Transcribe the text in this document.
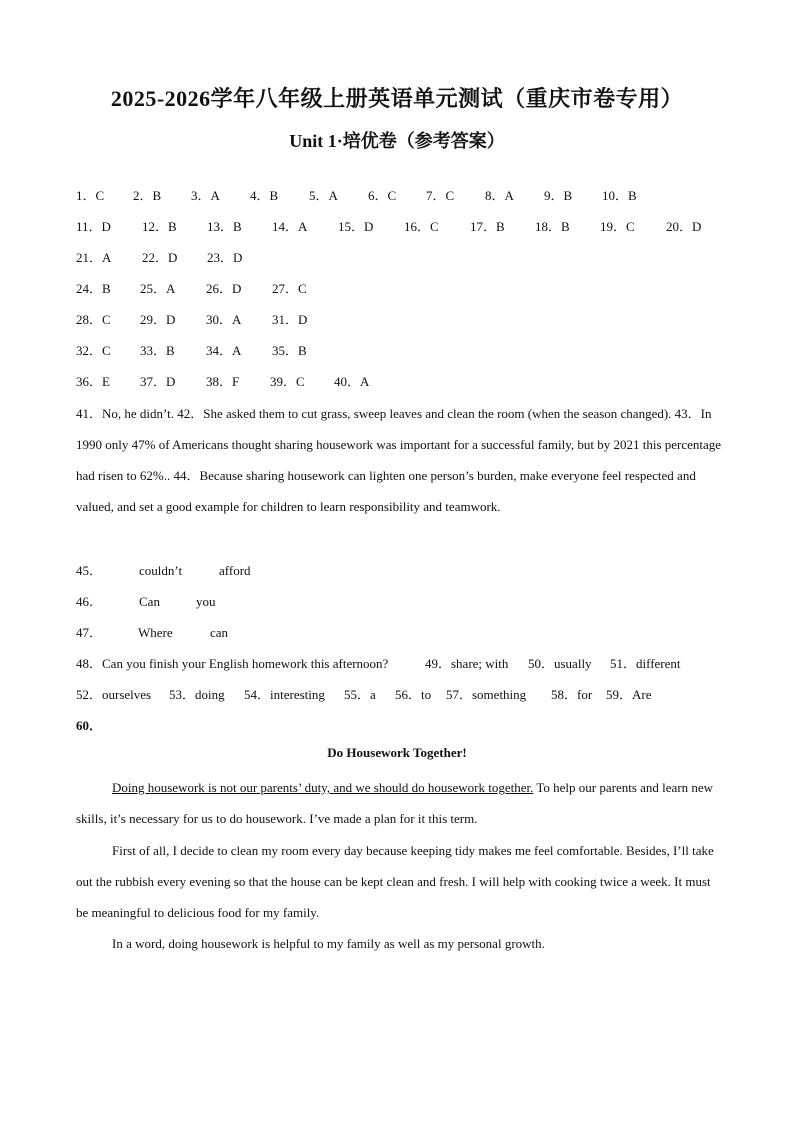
2025-2026学年八年级上册英语单元测试（重庆市卷专用）
Unit 1·培优卷（参考答案）
1．C 2．B 3．A 4．B 5．A 6．C 7．C 8．A 9．B 10．B
11．D 12．B 13．B 14．A 15．D 16．C 17．B 18．B 19．C 20．D
21．A 22．D 23．D
24．B 25．A 26．D 27．C
28．C 29．D 30．A 31．D
32．C 33．B 34．A 35．B
36．E 37．D 38．F 39．C 40．A
41．No, he didn’t. 42．She asked them to cut grass, sweep leaves and clean the room (when the season changed). 43．In 1990 only 47% of Americans thought sharing housework was important for a successful family, but by 2021 this percentage had risen to 62%.. 44．Because sharing housework can lighten one person’s burden, make everyone feel respected and valued, and set a good example for children to learn responsibility and teamwork.
45．	couldn’t	afford
46．	Can	you
47．	Where	can
48．Can you finish your English homework this afternoon?	49．share; with 50．usually 51．different
52．ourselves 53．doing 54．interesting 55．a 56．to 57．something 58．for 59．Are
60．
Do Housework Together!
Doing housework is not our parents’ duty, and we should do housework together. To help our parents and learn new skills, it’s necessary for us to do housework. I’ve made a plan for it this term.
First of all, I decide to clean my room every day because keeping tidy makes me feel comfortable. Besides, I’ll take out the rubbish every evening so that the house can be kept clean and fresh. I will help with cooking twice a week. It must be meaningful to delicious food for my family.
In a word, doing housework is helpful to my family as well as my personal growth.
